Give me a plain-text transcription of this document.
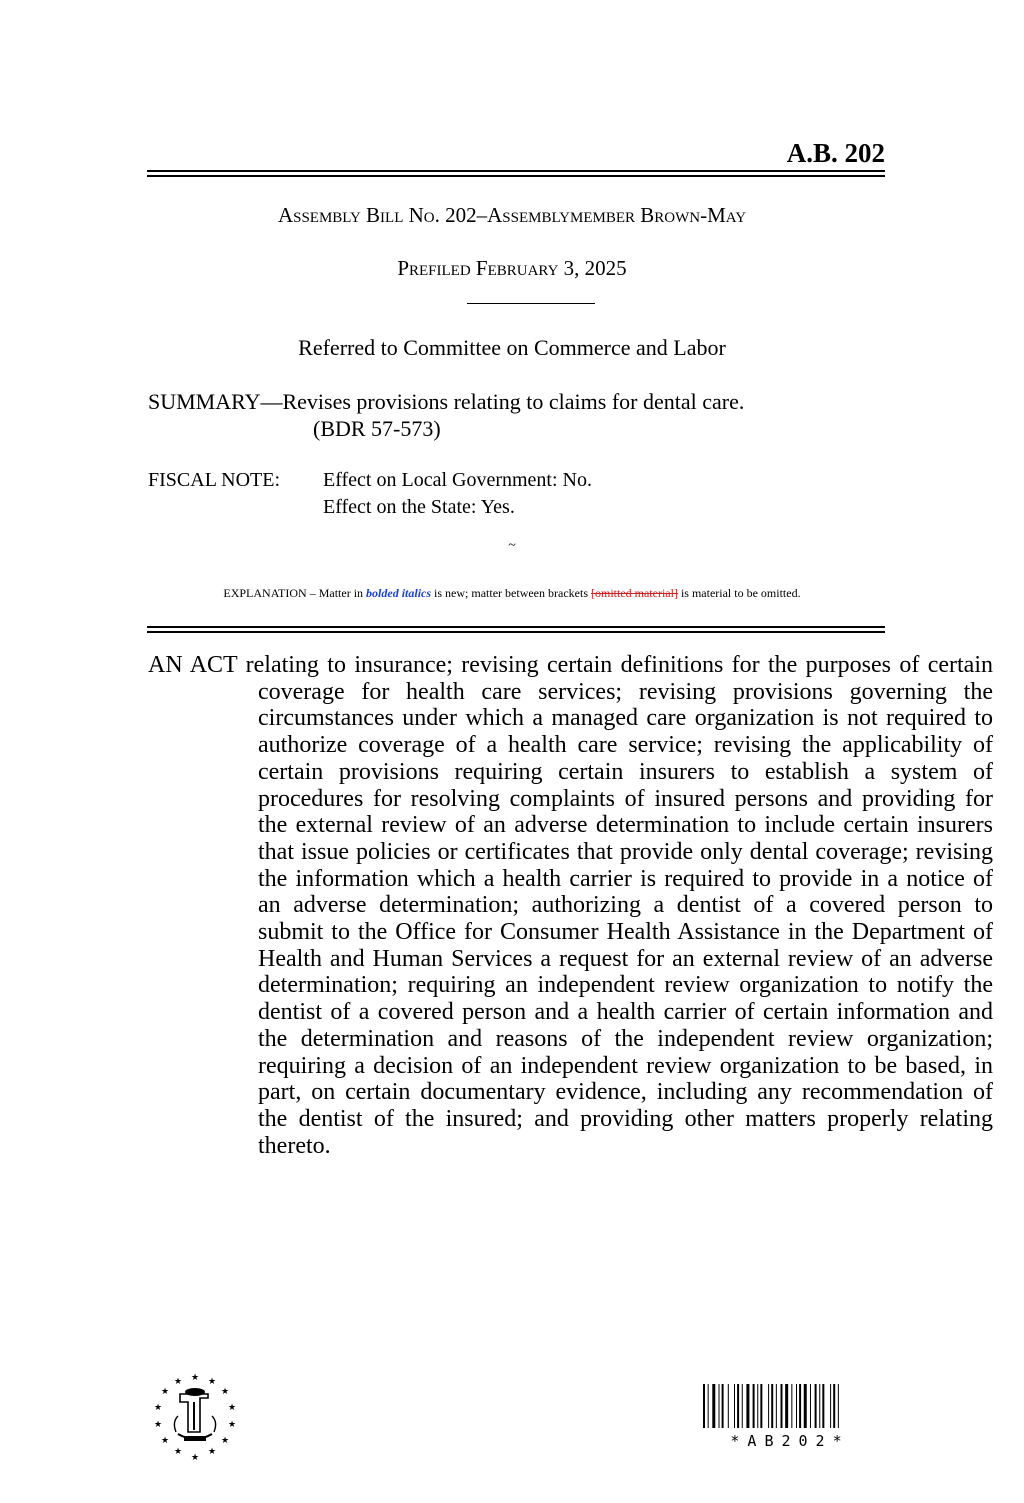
A.B. 202
Assembly Bill No. 202–Assemblymember Brown-May
Prefiled February 3, 2025
Referred to Committee on Commerce and Labor
SUMMARY—Revises provisions relating to claims for dental care.
(BDR 57-573)
FISCAL NOTE: Effect on Local Government: No.
Effect on the State: Yes.
~
EXPLANATION – Matter in bolded italics is new; matter between brackets [omitted material] is material to be omitted.
AN ACT relating to insurance; revising certain definitions for the purposes of certain coverage for health care services; revising provisions governing the circumstances under which a managed care organization is not required to authorize coverage of a health care service; revising the applicability of certain provisions requiring certain insurers to establish a system of procedures for resolving complaints of insured persons and providing for the external review of an adverse determination to include certain insurers that issue policies or certificates that provide only dental coverage; revising the information which a health carrier is required to provide in a notice of an adverse determination; authorizing a dentist of a covered person to submit to the Office for Consumer Health Assistance in the Department of Health and Human Services a request for an external review of an adverse determination; requiring an independent review organization to notify the dentist of a covered person and a health carrier of certain information and the determination and reasons of the independent review organization; requiring a decision of an independent review organization to be based, in part, on certain documentary evidence, including any recommendation of the dentist of the insured; and providing other matters properly relating thereto.
★ ★
★
★
★
★
★
★
★
★
★
★
★
★
*AB202*
